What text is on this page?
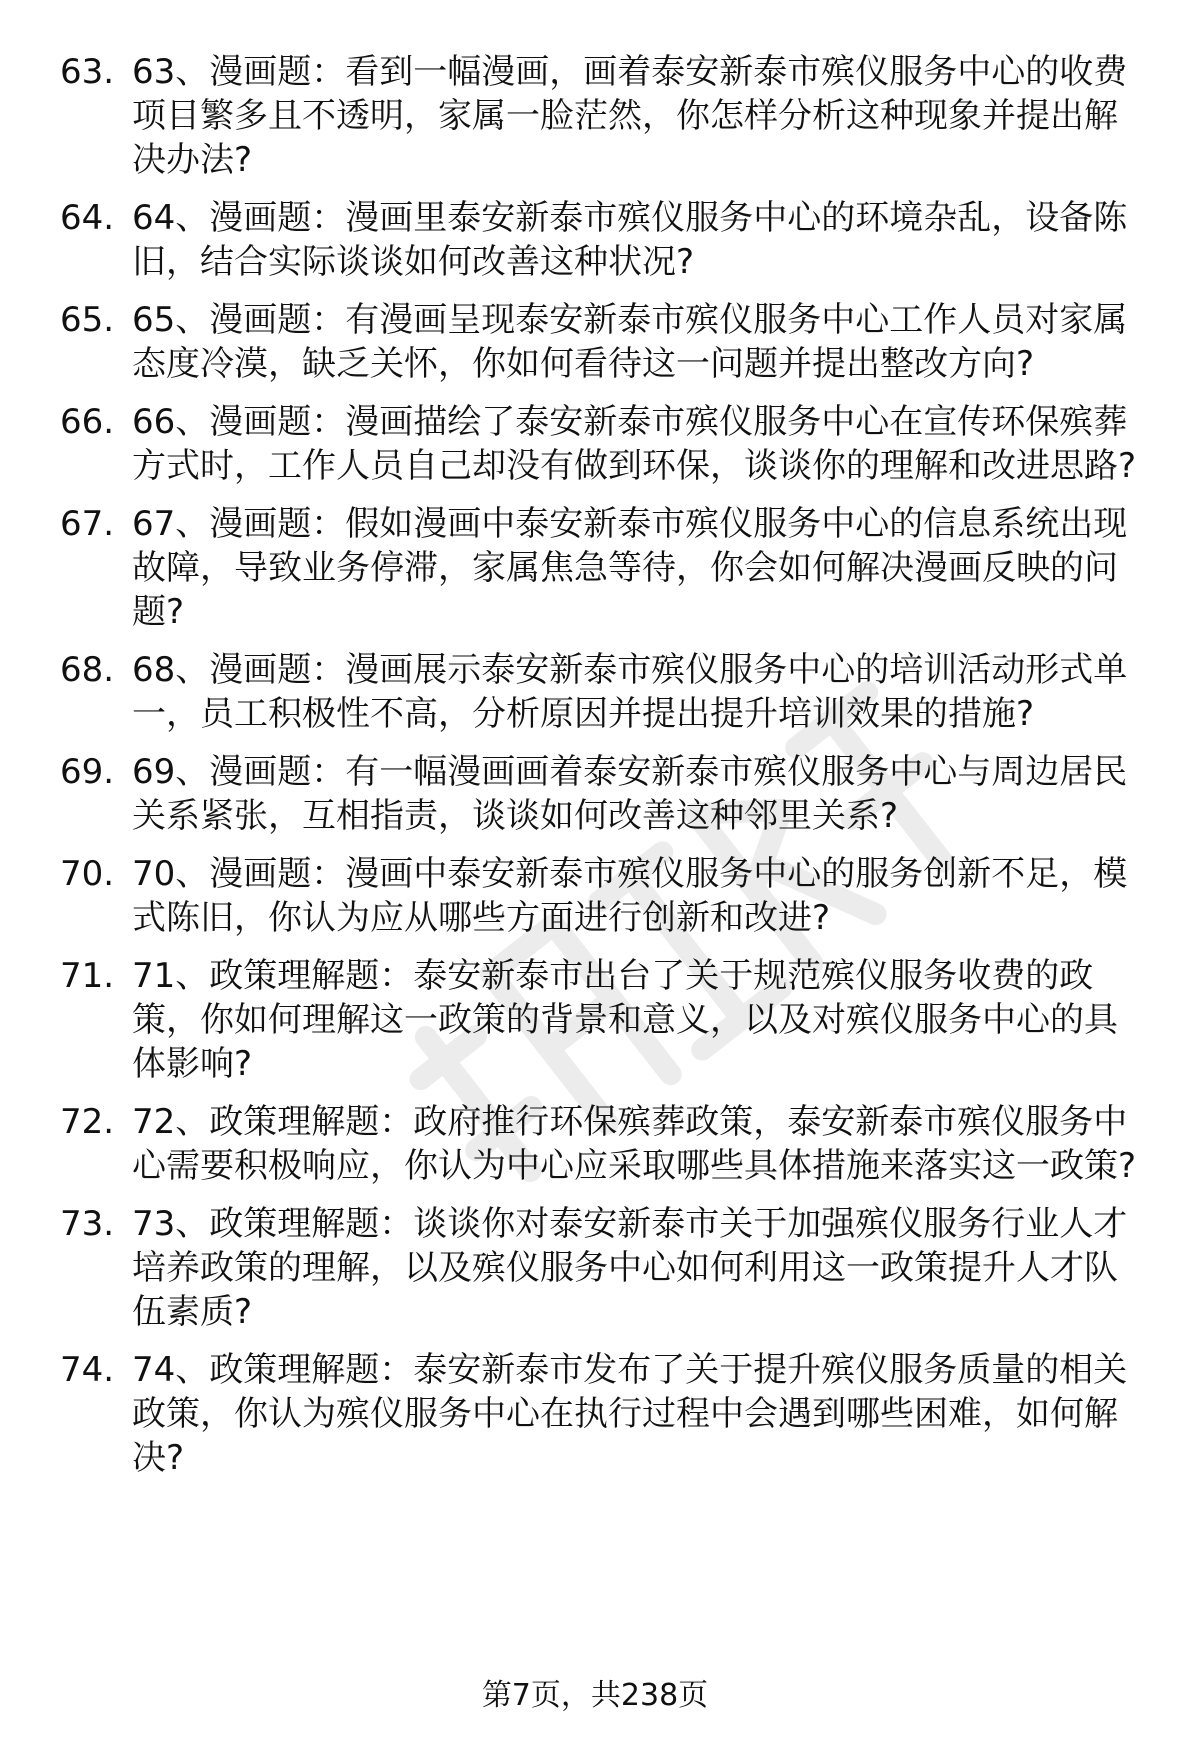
63. 63、漫画题：看到一幅漫画，画着泰安新泰市殡仪服务中心的收费项目繁多且不透明，家属一脸茫然，你怎样分析这种现象并提出解决办法?
64. 64、漫画题：漫画里泰安新泰市殡仪服务中心的环境杂乱，设备陈旧，结合实际谈谈如何改善这种状况?
65. 65、漫画题：有漫画呈现泰安新泰市殡仪服务中心工作人员对家属态度冷漠，缺乏关怀，你如何看待这一问题并提出整改方向?
66. 66、漫画题：漫画描绘了泰安新泰市殡仪服务中心在宣传环保殡葬方式时，工作人员自己却没有做到环保，谈谈你的理解和改进思路?
67. 67、漫画题：假如漫画中泰安新泰市殡仪服务中心的信息系统出现故障，导致业务停滞，家属焦急等待，你会如何解决漫画反映的问题?
68. 68、漫画题：漫画展示泰安新泰市殡仪服务中心的培训活动形式单一，员工积极性不高，分析原因并提出提升培训效果的措施?
69. 69、漫画题：有一幅漫画画着泰安新泰市殡仪服务中心与周边居民关系紧张，互相指责，谈谈如何改善这种邻里关系?
70. 70、漫画题：漫画中泰安新泰市殡仪服务中心的服务创新不足，模式陈旧，你认为应从哪些方面进行创新和改进?
71. 71、政策理解题：泰安新泰市出台了关于规范殡仪服务收费的政策，你如何理解这一政策的背景和意义，以及对殡仪服务中心的具体影响?
72. 72、政策理解题：政府推行环保殡葬政策，泰安新泰市殡仪服务中心需要积极响应，你认为中心应采取哪些具体措施来落实这一政策?
73. 73、政策理解题：谈谈你对泰安新泰市关于加强殡仪服务行业人才培养政策的理解，以及殡仪服务中心如何利用这一政策提升人才队伍素质?
74. 74、政策理解题：泰安新泰市发布了关于提升殡仪服务质量的相关政策，你认为殡仪服务中心在执行过程中会遇到哪些困难，如何解决?
第7页，共238页
